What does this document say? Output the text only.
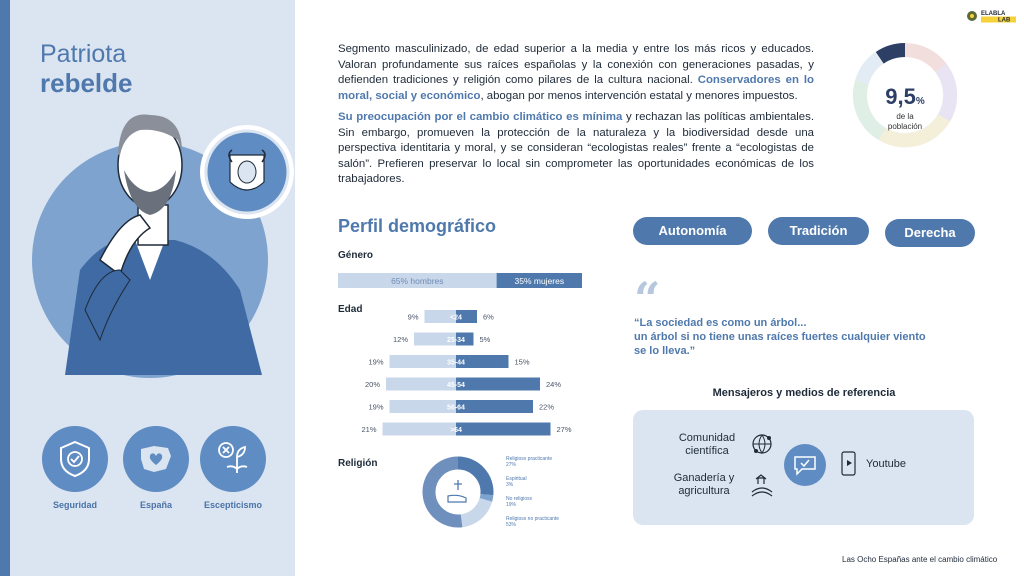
Patriota
rebelde
Seguridad	España	Escepticismo

Segmento masculinizado, de edad superior a la media y entre los más ricos y educados. Valoran profundamente sus raíces españolas y la conexión con generaciones pasadas, y defienden tradiciones y religión como pilares de la cultura nacional. Conservadores en lo moral, social y económico, abogan por menos intervención estatal y menores impuestos.

Su preocupación por el cambio climático es mínima y rechazan las políticas ambientales. Sin embargo, promueven la protección de la naturaleza y la biodiversidad desde una perspectiva identitaria y moral, y se consideran “ecologistas reales” frente a “ecologistas de salón”. Prefieren preservar lo local sin comprometer las oportunidades económicas de los trabajadores.

9,5%
de la
población
ELABLA
LAB
Perfil demográfico
Género
65% hombres	35% mujeres
Edad
<24
9%	6%
25-34
12%	5%
35-44
19%	15%
45-54
20%	24%
56-64
19%	22%
>64
21%	27%
Religión	Religiosx practicante
27%
Espiritual
3%
No religiosx
19%
Religiosx no practicante
53%
Autonomía	Tradición	Derecha
“
“La sociedad es como un árbol...
un árbol si no tiene unas raíces fuertes cualquier viento
se lo lleva.”
Mensajeros y medios de referencia
Comunidad
científica
Ganadería y
agricultura
Youtube
Las Ocho Españas ante el cambio climático
